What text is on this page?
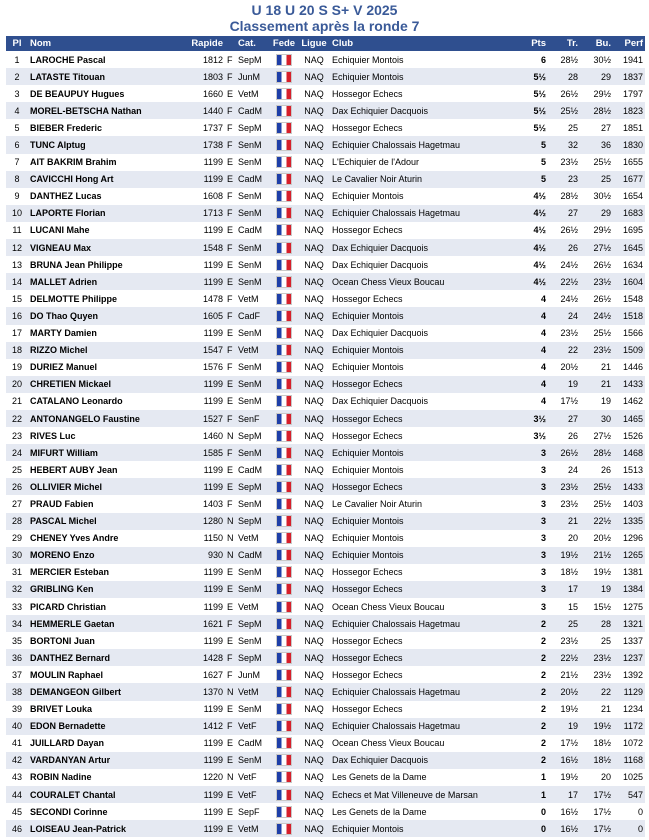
U 18 U 20 S S+ V 2025
Classement après la ronde 7
Pl	Nom	Rapide		Cat.	Fede	Ligue	Club	Pts	Tr.	Bu.	Perf
1	LAROCHE Pascal	1812	F	SepM		NAQ	Echiquier Montois	6	28½	30½	1941
2	LATASTE Titouan	1803	F	JunM		NAQ	Echiquier Montois	5½	28	29	1837
3	DE BEAUPUY Hugues	1660	E	VetM		NAQ	Hossegor Echecs	5½	26½	29½	1797
4	MOREL-BETSCHA Nathan	1440	F	CadM		NAQ	Dax Echiquier Dacquois	5½	25½	28½	1823
5	BIEBER Frederic	1737	F	SepM		NAQ	Hossegor Echecs	5½	25	27	1851
6	TUNC Alptug	1738	F	SenM		NAQ	Echiquier Chalossais Hagetmau	5	32	36	1830
7	AIT BAKRIM Brahim	1199	E	SenM		NAQ	L'Echiquier de l'Adour	5	23½	25½	1655
8	CAVICCHI Hong Art	1199	E	CadM		NAQ	Le Cavalier Noir Aturin	5	23	25	1677
9	DANTHEZ Lucas	1608	F	SenM		NAQ	Echiquier Montois	4½	28½	30½	1654
10	LAPORTE Florian	1713	F	SenM		NAQ	Echiquier Chalossais Hagetmau	4½	27	29	1683
11	LUCANI Mahe	1199	E	CadM		NAQ	Hossegor Echecs	4½	26½	29½	1695
12	VIGNEAU Max	1548	F	SenM		NAQ	Dax Echiquier Dacquois	4½	26	27½	1645
13	BRUNA Jean Philippe	1199	E	SenM		NAQ	Dax Echiquier Dacquois	4½	24½	26½	1634
14	MALLET Adrien	1199	E	SenM		NAQ	Ocean Chess Vieux Boucau	4½	22½	23½	1604
15	DELMOTTE Philippe	1478	F	VetM		NAQ	Hossegor Echecs	4	24½	26½	1548
16	DO Thao Quyen	1605	F	CadF		NAQ	Echiquier Montois	4	24	24½	1518
17	MARTY Damien	1199	E	SenM		NAQ	Dax Echiquier Dacquois	4	23½	25½	1566
18	RIZZO Michel	1547	F	VetM		NAQ	Echiquier Montois	4	22	23½	1509
19	DURIEZ Manuel	1576	F	SenM		NAQ	Echiquier Montois	4	20½	21	1446
20	CHRETIEN Mickael	1199	E	SenM		NAQ	Hossegor Echecs	4	19	21	1433
21	CATALANO Leonardo	1199	E	SenM		NAQ	Dax Echiquier Dacquois	4	17½	19	1462
22	ANTONANGELO Faustine	1527	F	SenF		NAQ	Hossegor Echecs	3½	27	30	1465
23	RIVES Luc	1460	N	SepM		NAQ	Hossegor Echecs	3½	26	27½	1526
24	MIFURT William	1585	F	SenM		NAQ	Echiquier Montois	3	26½	28½	1468
25	HEBERT AUBY Jean	1199	E	CadM		NAQ	Echiquier Montois	3	24	26	1513
26	OLLIVIER Michel	1199	E	SepM		NAQ	Hossegor Echecs	3	23½	25½	1433
27	PRAUD Fabien	1403	F	SenM		NAQ	Le Cavalier Noir Aturin	3	23½	25½	1403
28	PASCAL Michel	1280	N	SepM		NAQ	Echiquier Montois	3	21	22½	1335
29	CHENEY Yves Andre	1150	N	VetM		NAQ	Echiquier Montois	3	20	20½	1296
30	MORENO Enzo	930	N	CadM		NAQ	Echiquier Montois	3	19½	21½	1265
31	MERCIER Esteban	1199	E	SenM		NAQ	Hossegor Echecs	3	18½	19½	1381
32	GRIBLING Ken	1199	E	SenM		NAQ	Hossegor Echecs	3	17	19	1384
33	PICARD Christian	1199	E	VetM		NAQ	Ocean Chess Vieux Boucau	3	15	15½	1275
34	HEMMERLE Gaetan	1621	F	SepM		NAQ	Echiquier Chalossais Hagetmau	2	25	28	1321
35	BORTONI Juan	1199	E	SenM		NAQ	Hossegor Echecs	2	23½	25	1337
36	DANTHEZ Bernard	1428	F	SepM		NAQ	Hossegor Echecs	2	22½	23½	1237
37	MOULIN Raphael	1627	F	JunM		NAQ	Hossegor Echecs	2	21½	23½	1392
38	DEMANGEON Gilbert	1370	N	VetM		NAQ	Echiquier Chalossais Hagetmau	2	20½	22	1129
39	BRIVET Louka	1199	E	SenM		NAQ	Hossegor Echecs	2	19½	21	1234
40	EDON Bernadette	1412	F	VetF		NAQ	Echiquier Chalossais Hagetmau	2	19	19½	1172
41	JUILLARD Dayan	1199	E	CadM		NAQ	Ocean Chess Vieux Boucau	2	17½	18½	1072
42	VARDANYAN Artur	1199	E	SenM		NAQ	Dax Echiquier Dacquois	2	16½	18½	1168
43	ROBIN Nadine	1220	N	VetF		NAQ	Les Genets de la Dame	1	19½	20	1025
44	COURALET Chantal	1199	E	VetF		NAQ	Echecs et Mat Villeneuve de Marsan	1	17	17½	547
45	SECONDI Corinne	1199	E	SepF		NAQ	Les Genets de la Dame	0	16½	17½	0
46	LOISEAU Jean-Patrick	1199	E	VetM		NAQ	Echiquier Montois	0	16½	17½	0
